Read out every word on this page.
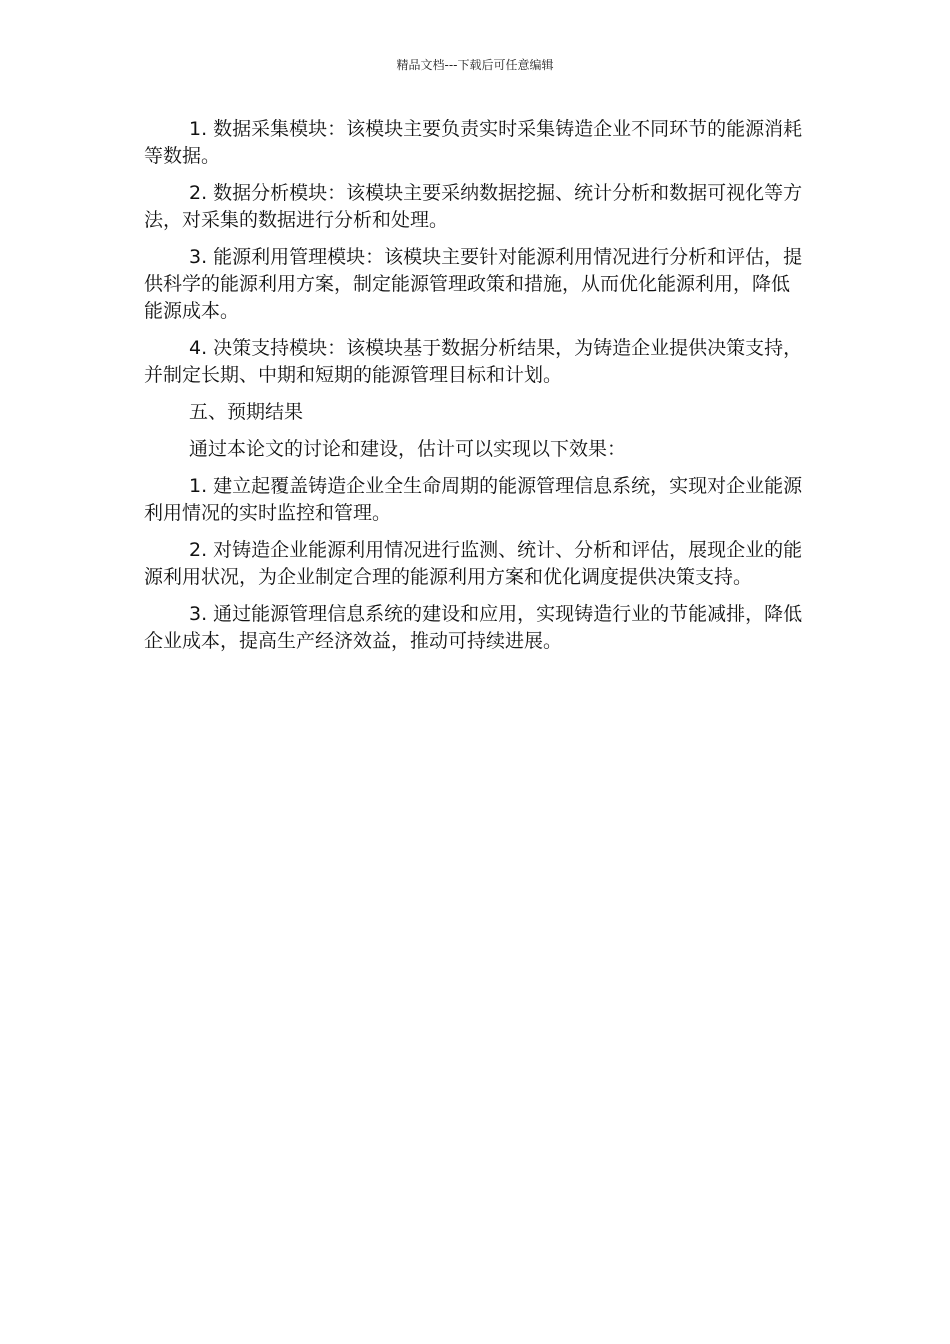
精品文档---下载后可任意编辑

1. 数据采集模块：该模块主要负责实时采集铸造企业不同环节的能源消耗等数据。

2. 数据分析模块：该模块主要采纳数据挖掘、统计分析和数据可视化等方法，对采集的数据进行分析和处理。

3. 能源利用管理模块：该模块主要针对能源利用情况进行分析和评估，提供科学的能源利用方案，制定能源管理政策和措施，从而优化能源利用，降低能源成本。

4. 决策支持模块：该模块基于数据分析结果，为铸造企业提供决策支持，并制定长期、中期和短期的能源管理目标和计划。

五、预期结果

通过本论文的讨论和建设，估计可以实现以下效果：

1. 建立起覆盖铸造企业全生命周期的能源管理信息系统，实现对企业能源利用情况的实时监控和管理。

2. 对铸造企业能源利用情况进行监测、统计、分析和评估，展现企业的能源利用状况，为企业制定合理的能源利用方案和优化调度提供决策支持。

3. 通过能源管理信息系统的建设和应用，实现铸造行业的节能减排，降低企业成本，提高生产经济效益，推动可持续进展。
